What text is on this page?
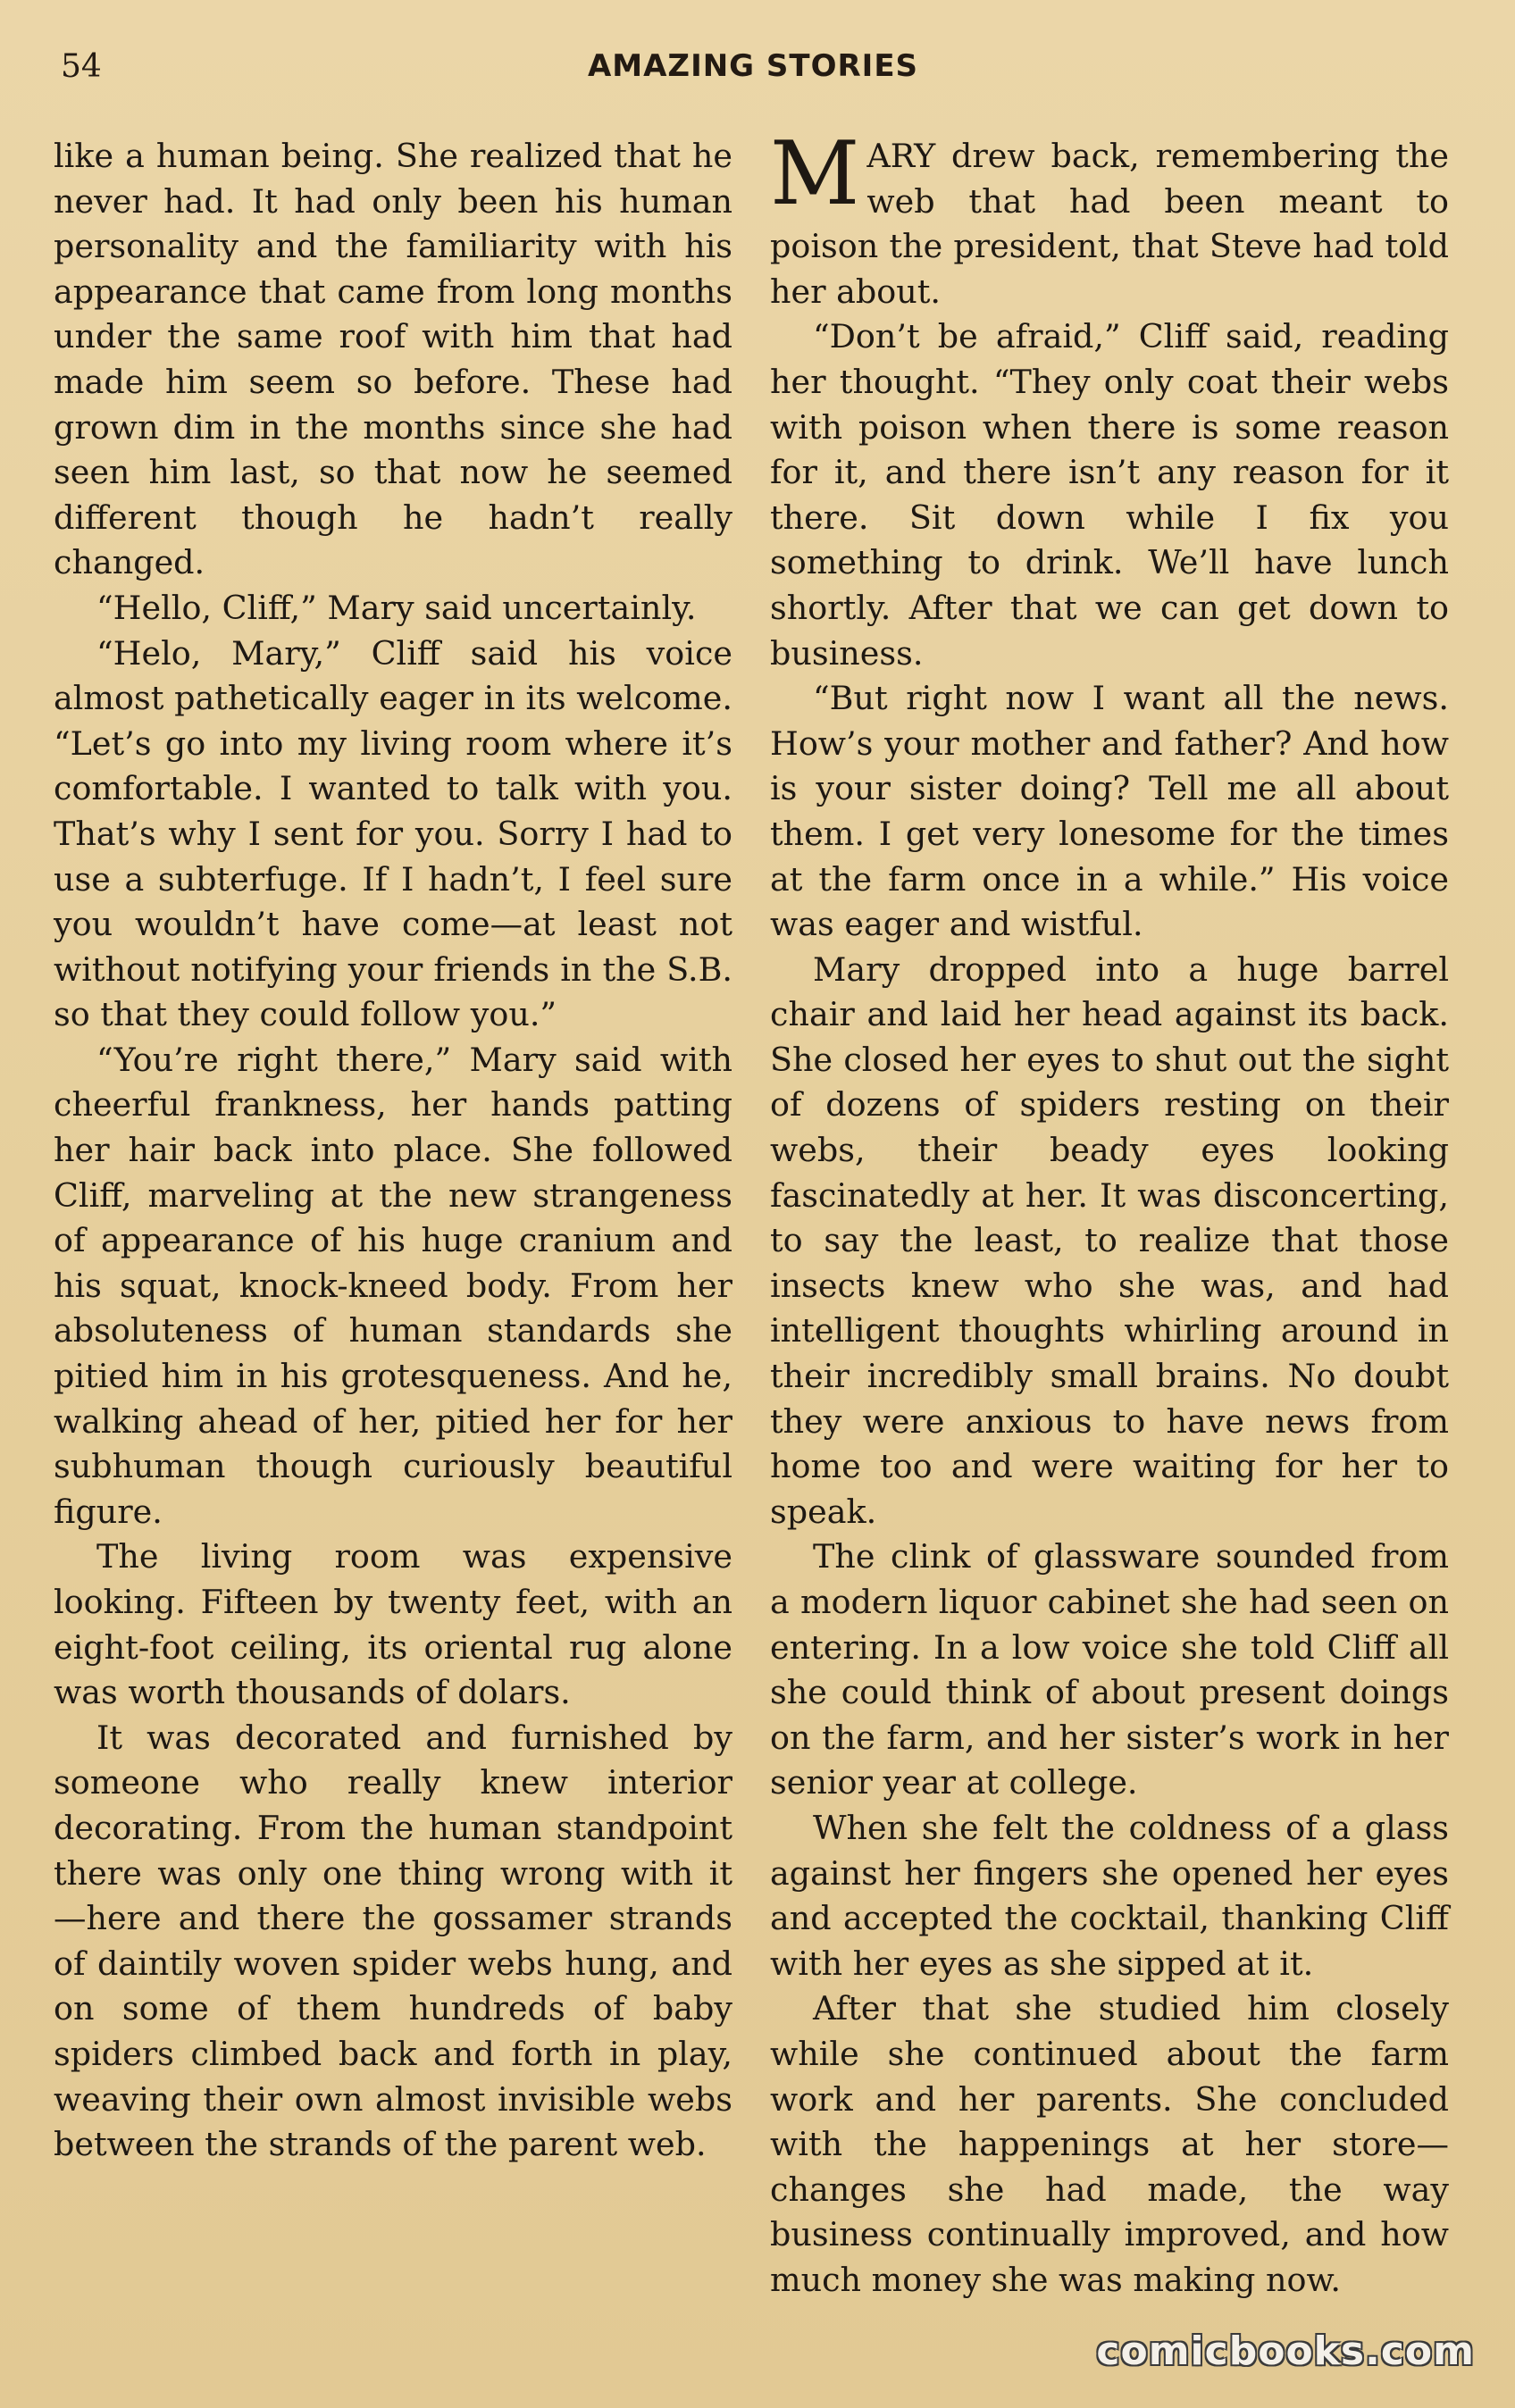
54	AMAZING STORIES

like a human being. She realized that he never had. It had only been his human personality and the familiarity with his appearance that came from long months under the same roof with him that had made him seem so before. These had grown dim in the months since she had seen him last, so that now he seemed different though he hadn’t really changed.

“Hello, Cliff,” Mary said uncertainly.

“Helo, Mary,” Cliff said his voice almost pathetically eager in its welcome. “Let’s go into my living room where it’s comfortable. I wanted to talk with you. That’s why I sent for you. Sorry I had to use a subterfuge. If I hadn’t, I feel sure you wouldn’t have come—at least not without notifying your friends in the S.B. so that they could follow you.”

“You’re right there,” Mary said with cheerful frankness, her hands patting her hair back into place. She followed Cliff, marveling at the new strangeness of appearance of his huge cranium and his squat, knock-kneed body. From her absoluteness of human standards she pitied him in his grotesqueness. And he, walking ahead of her, pitied her for her subhuman though curiously beautiful figure.

The living room was expensive looking. Fifteen by twenty feet, with an eight-foot ceiling, its oriental rug alone was worth thousands of dolars.

It was decorated and furnished by someone who really knew interior decorating. From the human standpoint there was only one thing wrong with it —here and there the gossamer strands of daintily woven spider webs hung, and on some of them hundreds of baby spiders climbed back and forth in play, weaving their own almost invisible webs between the strands of the parent web.

MARY drew back, remembering the web that had been meant to poison the president, that Steve had told her about.

“Don’t be afraid,” Cliff said, reading her thought. “They only coat their webs with poison when there is some reason for it, and there isn’t any reason for it there. Sit down while I fix you something to drink. We’ll have lunch shortly. After that we can get down to business.

“But right now I want all the news. How’s your mother and father? And how is your sister doing? Tell me all about them. I get very lonesome for the times at the farm once in a while.” His voice was eager and wistful.

Mary dropped into a huge barrel chair and laid her head against its back. She closed her eyes to shut out the sight of dozens of spiders resting on their webs, their beady eyes looking fascinatedly at her. It was disconcerting, to say the least, to realize that those insects knew who she was, and had intelligent thoughts whirling around in their incredibly small brains. No doubt they were anxious to have news from home too and were waiting for her to speak.

The clink of glassware sounded from a modern liquor cabinet she had seen on entering. In a low voice she told Cliff all she could think of about present doings on the farm, and her sister’s work in her senior year at college.

When she felt the coldness of a glass against her fingers she opened her eyes and accepted the cocktail, thanking Cliff with her eyes as she sipped at it.

After that she studied him closely while she continued about the farm work and her parents. She concluded with the happenings at her store—changes she had made, the way business continually improved, and how much money she was making now.

comicbooks.com
